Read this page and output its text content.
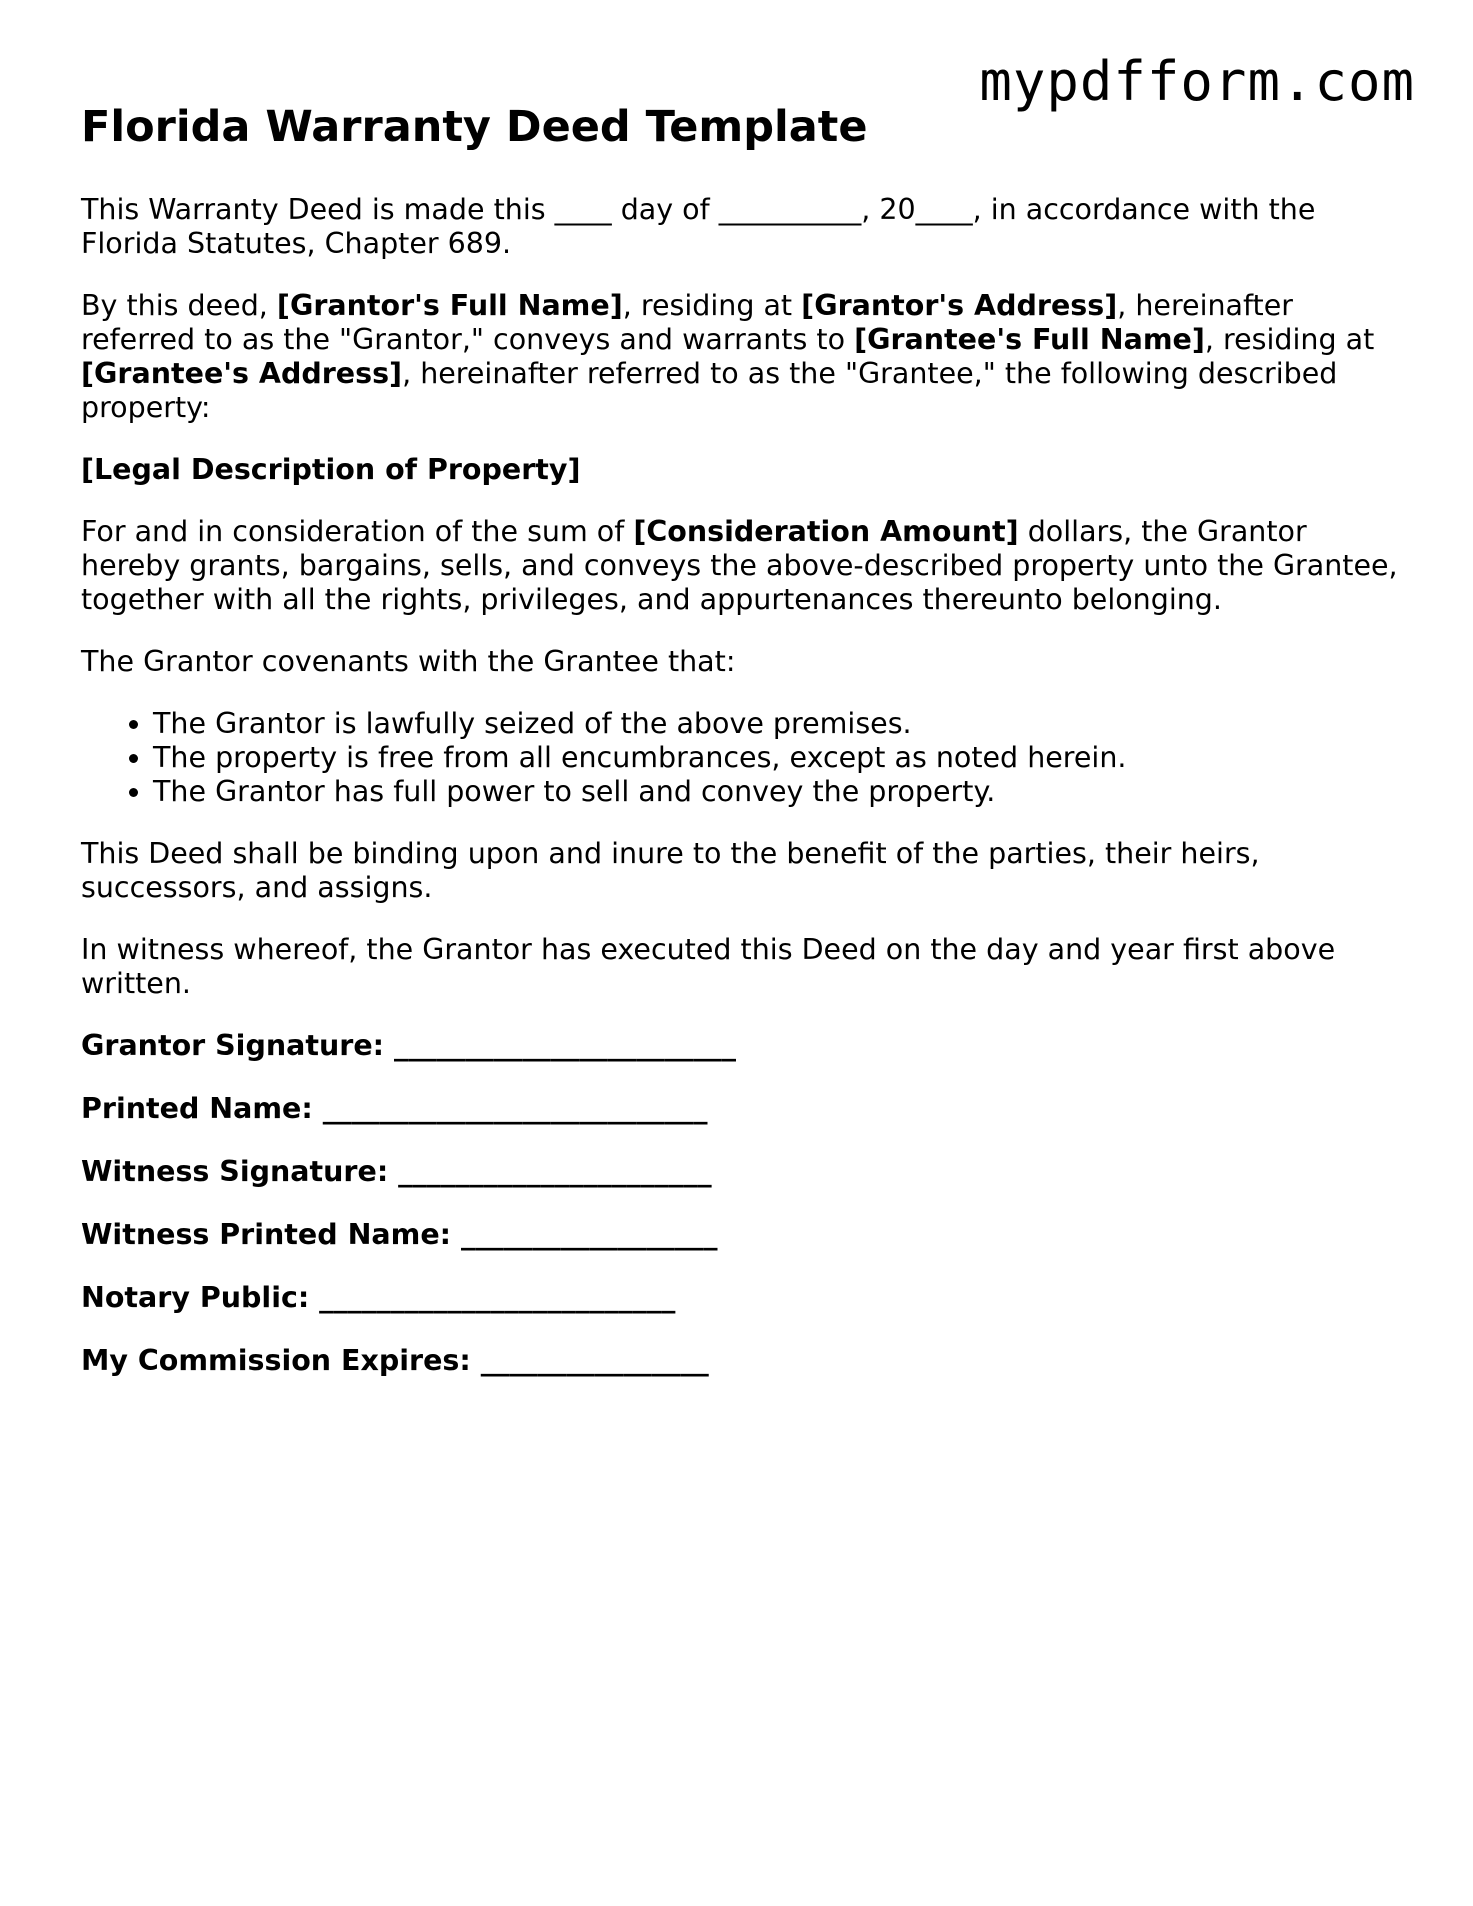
mypdfform.com
Florida Warranty Deed Template

This Warranty Deed is made this ____ day of __________, 20____, in accordance with the Florida Statutes, Chapter 689.

By this deed, [Grantor's Full Name], residing at [Grantor's Address], hereinafter referred to as the "Grantor," conveys and warrants to [Grantee's Full Name], residing at [Grantee's Address], hereinafter referred to as the "Grantee," the following described property:

[Legal Description of Property]

For and in consideration of the sum of [Consideration Amount] dollars, the Grantor hereby grants, bargains, sells, and conveys the above-described property unto the Grantee, together with all the rights, privileges, and appurtenances thereunto belonging.

The Grantor covenants with the Grantee that:

• The Grantor is lawfully seized of the above premises.
• The property is free from all encumbrances, except as noted herein.
• The Grantor has full power to sell and convey the property.

This Deed shall be binding upon and inure to the benefit of the parties, their heirs, successors, and assigns.

In witness whereof, the Grantor has executed this Deed on the day and year first above written.

Grantor Signature: ________________________

Printed Name: ___________________________

Witness Signature: ______________________

Witness Printed Name: __________________

Notary Public: _________________________

My Commission Expires: ________________
